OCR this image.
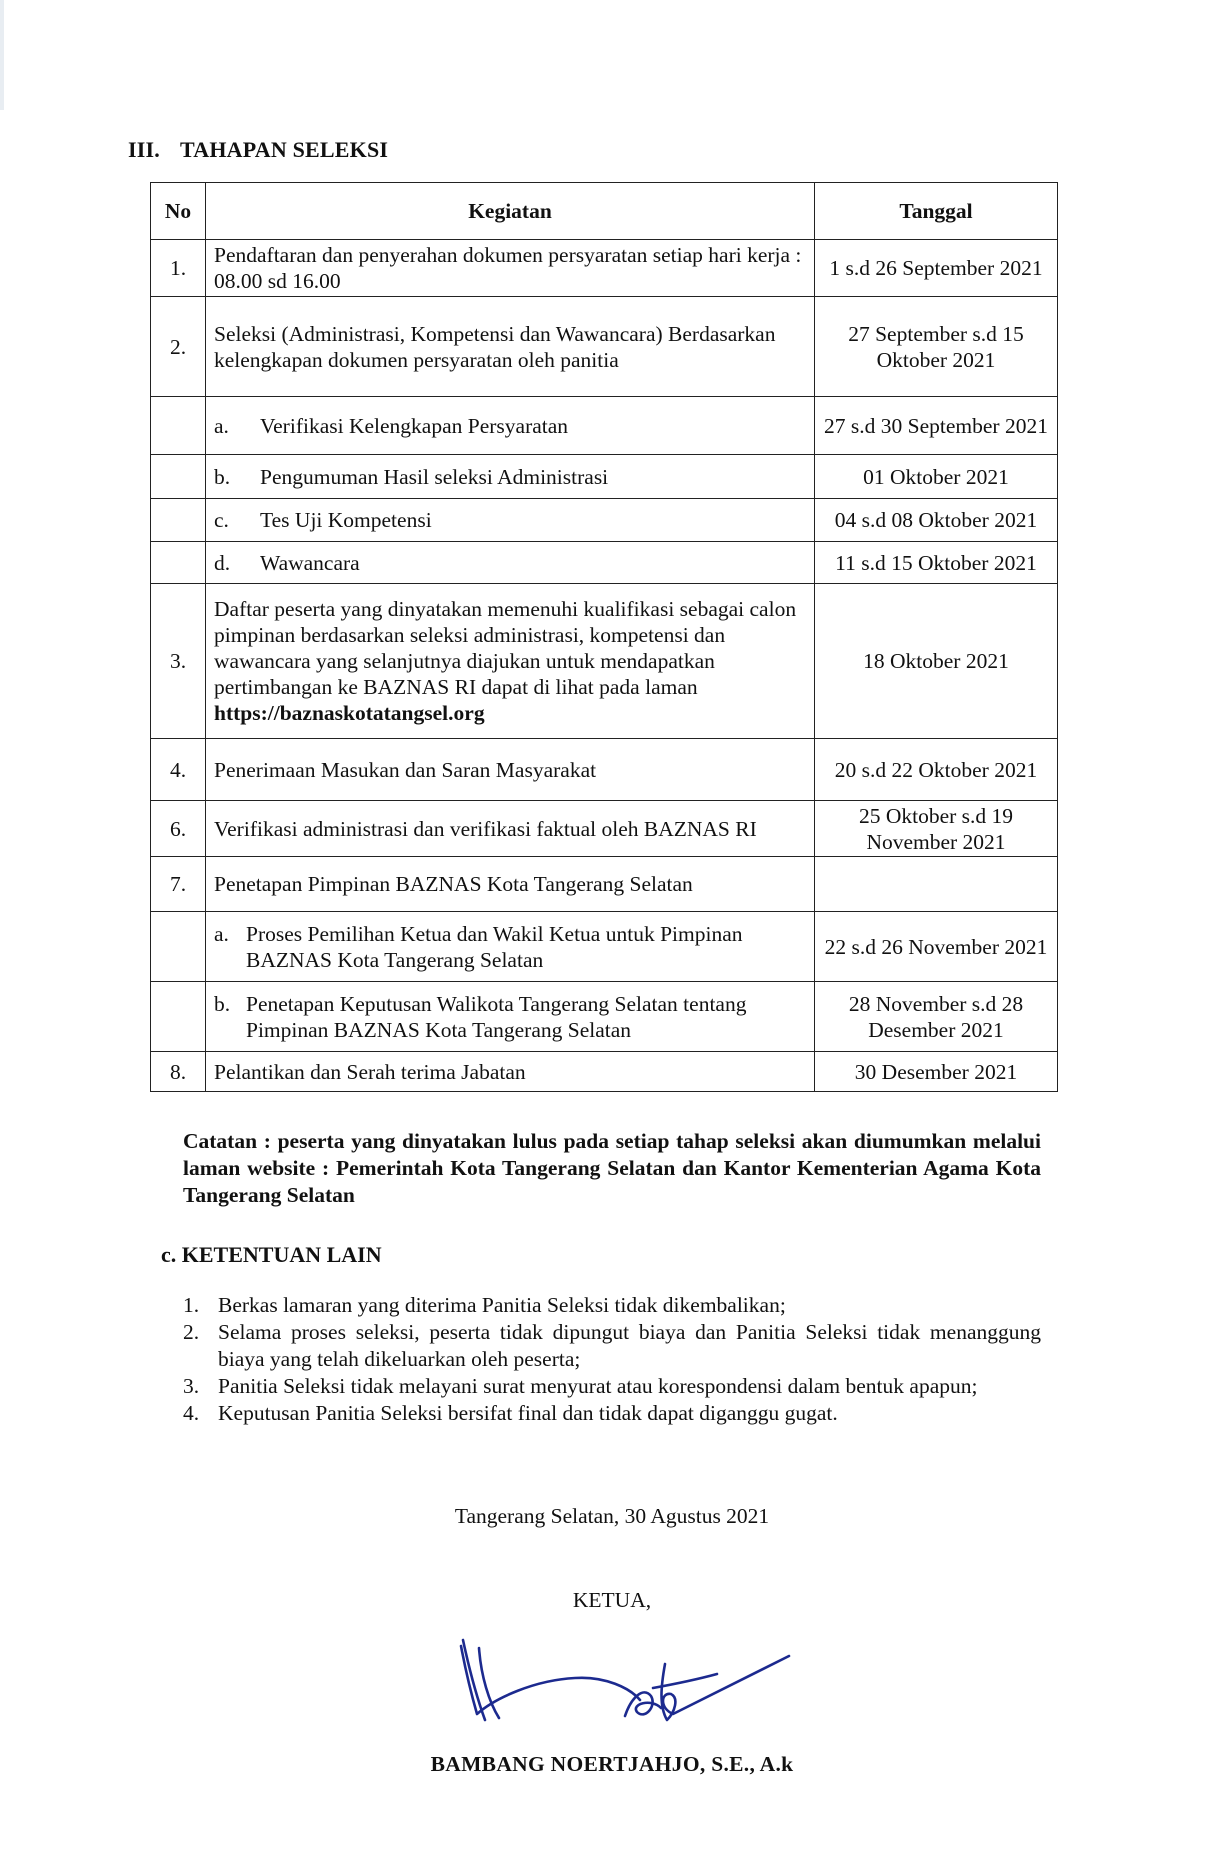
III. TAHAPAN SELEKSI
No	Kegiatan	Tanggal
1.	Pendaftaran dan penyerahan dokumen persyaratan setiap hari kerja : 08.00 sd 16.00	1 s.d 26 September 2021
2.	Seleksi (Administrasi, Kompetensi dan Wawancara) Berdasarkan kelengkapan dokumen persyaratan oleh panitia	27 September s.d 15 Oktober 2021

	a. Verifikasi Kelengkapan Persyaratan	27 s.d 30 September 2021

	b. Pengumuman Hasil seleksi Administrasi	01 Oktober 2021

	c. Tes Uji Kompetensi	04 s.d 08 Oktober 2021

	d. Wawancara	11 s.d 15 Oktober 2021
3.	Daftar peserta yang dinyatakan memenuhi kualifikasi sebagai calon pimpinan berdasarkan seleksi administrasi, kompetensi dan wawancara yang selanjutnya diajukan untuk mendapatkan pertimbangan ke BAZNAS RI dapat di lihat pada laman https://baznaskotatangsel.org	18 Oktober 2021
4.	Penerimaan Masukan dan Saran Masyarakat	20 s.d 22 Oktober 2021
6.	Verifikasi administrasi dan verifikasi faktual oleh BAZNAS RI	25 Oktober s.d 19 November 2021
7.	Penetapan Pimpinan BAZNAS Kota Tangerang Selatan	

	a. Proses Pemilihan Ketua dan Wakil Ketua untuk Pimpinan BAZNAS Kota Tangerang Selatan	22 s.d 26 November 2021

	b. Penetapan Keputusan Walikota Tangerang Selatan tentang Pimpinan BAZNAS Kota Tangerang Selatan	28 November s.d 28 Desember 2021
8.	Pelantikan dan Serah terima Jabatan	30 Desember 2021
Catatan : peserta yang dinyatakan lulus pada setiap tahap seleksi akan diumumkan melalui laman website : Pemerintah Kota Tangerang Selatan dan Kantor Kementerian Agama Kota Tangerang Selatan
c. KETENTUAN LAIN
1. Berkas lamaran yang diterima Panitia Seleksi tidak dikembalikan;
2. Selama proses seleksi, peserta tidak dipungut biaya dan Panitia Seleksi tidak menanggung biaya yang telah dikeluarkan oleh peserta;
3. Panitia Seleksi tidak melayani surat menyurat atau korespondensi dalam bentuk apapun;
4. Keputusan Panitia Seleksi bersifat final dan tidak dapat diganggu gugat.
Tangerang Selatan, 30 Agustus 2021
KETUA,
BAMBANG NOERTJAHJO, S.E., A.k
